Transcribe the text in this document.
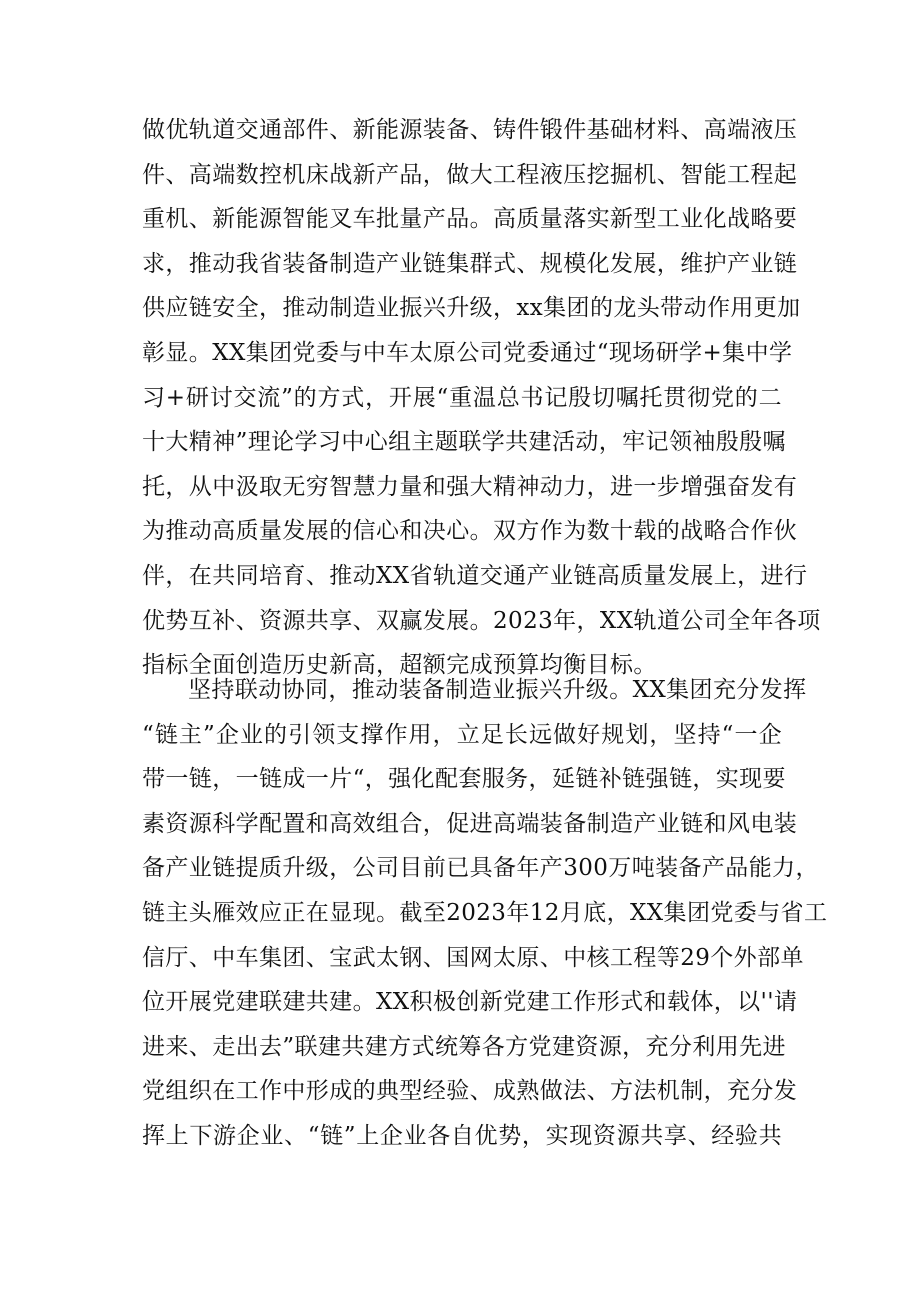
做优轨道交通部件、新能源装备、铸件锻件基础材料、高端液压
件、高端数控机床战新产品，做大工程液压挖掘机、智能工程起
重机、新能源智能叉车批量产品。高质量落实新型工业化战略要
求，推动我省装备制造产业链集群式、规模化发展，维护产业链
供应链安全，推动制造业振兴升级，xx集团的龙头带动作用更加
彰显。XX集团党委与中车太原公司党委通过“现场研学+集中学
习+研讨交流”的方式，开展“重温总书记殷切嘱托贯彻党的二
十大精神”理论学习中心组主题联学共建活动，牢记领袖殷殷嘱
托，从中汲取无穷智慧力量和强大精神动力，进一步增强奋发有
为推动高质量发展的信心和决心。双方作为数十载的战略合作伙
伴，在共同培育、推动XX省轨道交通产业链高质量发展上，进行
优势互补、资源共享、双赢发展。2023年，XX轨道公司全年各项
指标全面创造历史新高，超额完成预算均衡目标。
坚持联动协同，推动装备制造业振兴升级。XX集团充分发挥
“链主”企业的引领支撑作用，立足长远做好规划，坚持“一企
带一链，一链成一片“，强化配套服务，延链补链强链，实现要
素资源科学配置和高效组合，促进高端装备制造产业链和风电装
备产业链提质升级，公司目前已具备年产300万吨装备产品能力，
链主头雁效应正在显现。截至2023年12月底，XX集团党委与省工
信厅、中车集团、宝武太钢、国网太原、中核工程等29个外部单
位开展党建联建共建。XX积极创新党建工作形式和载体，以''请
进来、走出去”联建共建方式统筹各方党建资源，充分利用先进
党组织在工作中形成的典型经验、成熟做法、方法机制，充分发
挥上下游企业、“链”上企业各自优势，实现资源共享、经验共
